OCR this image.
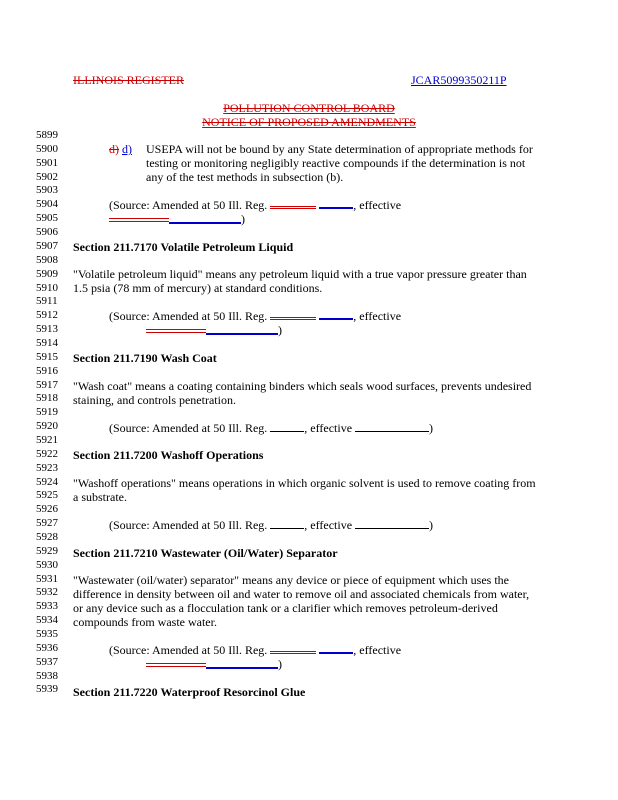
ILLINOIS REGISTER	JCAR5099350211P
POLLUTION CONTROL BOARD
NOTICE OF PROPOSED AMENDMENTS
5899
5900
5901
5902
5903
5904
5905
5906
5907
5908
5909
5910
5911
5912
5913
5914
5915
5916
5917
5918
5919
5920
5921
5922
5923
5924
5925
5926
5927
5928
5929
5930
5931
5932
5933
5934
5935
5936
5937
5938
5939
d) d) USEPA will not be bound by any State determination of appropriate methods for
testing or monitoring negligibly reactive compounds if the determination is not
any of the test methods in subsection (b).
(Source: Amended at 50 Ill. Reg.	, effective
)
Section 211.7170 Volatile Petroleum Liquid
"Volatile petroleum liquid" means any petroleum liquid with a true vapor pressure greater than
1.5 psia (78 mm of mercury) at standard conditions.
(Source: Amended at 50 Ill. Reg.	, effective
)
Section 211.7190 Wash Coat
"Wash coat" means a coating containing binders which seals wood surfaces, prevents undesired
staining, and controls penetration.
(Source: Amended at 50 Ill. Reg.	, effective	)
Section 211.7200 Washoff Operations
"Washoff operations" means operations in which organic solvent is used to remove coating from
a substrate.
(Source: Amended at 50 Ill. Reg.	, effective	)
Section 211.7210 Wastewater (Oil/Water) Separator
"Wastewater (oil/water) separator" means any device or piece of equipment which uses the
difference in density between oil and water to remove oil and associated chemicals from water,
or any device such as a flocculation tank or a clarifier which removes petroleum-derived
compounds from waste water.
(Source: Amended at 50 Ill. Reg.	, effective
)
Section 211.7220 Waterproof Resorcinol Glue
